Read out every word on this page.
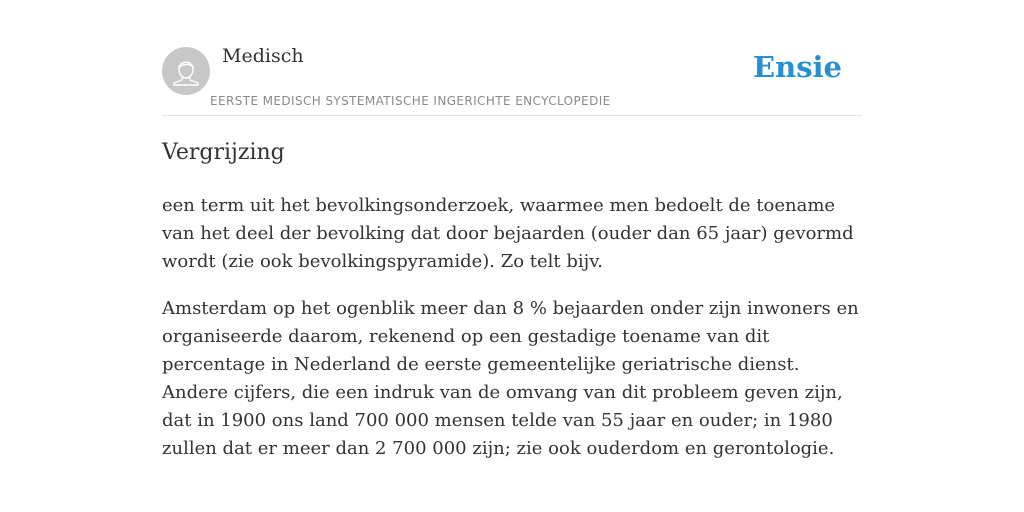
Medisch
EERSTE MEDISCH SYSTEMATISCHE INGERICHTE ENCYCLOPEDIE
Ensie
Vergrijzing

een term uit het bevolkingsonderzoek, waarmee men bedoelt de toename van het deel der bevolking dat door bejaarden (ouder dan 65 jaar) gevormd wordt (zie ook bevolkingspyramide). Zo telt bijv.

Amsterdam op het ogenblik meer dan 8 % bejaarden onder zijn inwoners en organiseerde daarom, rekenend op een gestadige toename van dit percentage in Nederland de eerste gemeentelijke geriatrische dienst. Andere cijfers, die een indruk van de omvang van dit probleem geven zijn, dat in 1900 ons land 700 000 mensen telde van 55 jaar en ouder; in 1980 zullen dat er meer dan 2 700 000 zijn; zie ook ouderdom en gerontologie.
